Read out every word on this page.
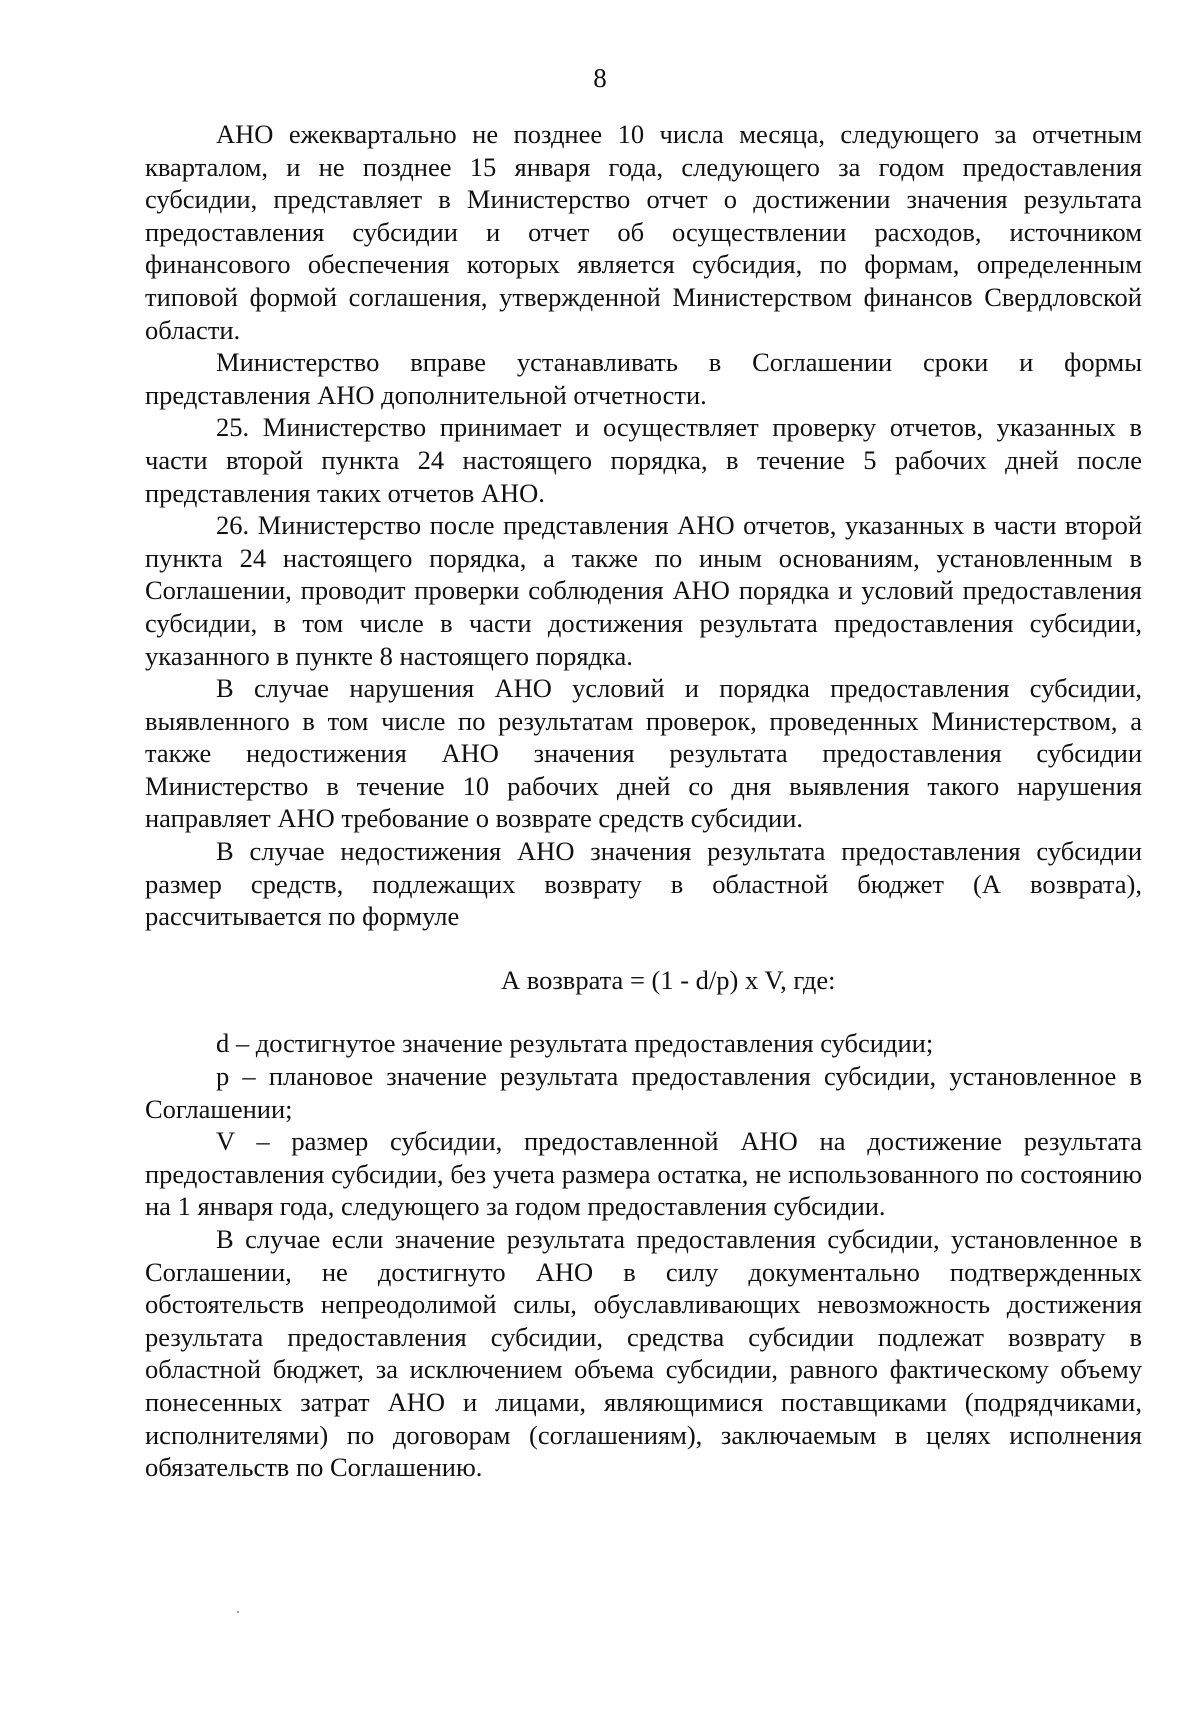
8

АНО ежеквартально не позднее 10 числа месяца, следующего за отчетным кварталом, и не позднее 15 января года, следующего за годом предоставления субсидии, представляет в Министерство отчет о достижении значения результата предоставления субсидии и отчет об осуществлении расходов, источником финансового обеспечения которых является субсидия, по формам, определенным типовой формой соглашения, утвержденной Министерством финансов Свердловской области.

Министерство вправе устанавливать в Соглашении сроки и формы представления АНО дополнительной отчетности.

25. Министерство принимает и осуществляет проверку отчетов, указанных в части второй пункта 24 настоящего порядка, в течение 5 рабочих дней после представления таких отчетов АНО.

26. Министерство после представления АНО отчетов, указанных в части второй пункта 24 настоящего порядка, а также по иным основаниям, установленным в Соглашении, проводит проверки соблюдения АНО порядка и условий предоставления субсидии, в том числе в части достижения результата предоставления субсидии, указанного в пункте 8 настоящего порядка.

В случае нарушения АНО условий и порядка предоставления субсидии, выявленного в том числе по результатам проверок, проведенных Министерством, а также недостижения АНО значения результата предоставления субсидии Министерство в течение 10 рабочих дней со дня выявления такого нарушения направляет АНО требование о возврате средств субсидии.

В случае недостижения АНО значения результата предоставления субсидии размер средств, подлежащих возврату в областной бюджет (А возврата), рассчитывается по формуле

А возврата = (1 - d/p) x V, где:

d – достигнутое значение результата предоставления субсидии;

p – плановое значение результата предоставления субсидии, установленное в Соглашении;

V – размер субсидии, предоставленной АНО на достижение результата предоставления субсидии, без учета размера остатка, не использованного по состоянию на 1 января года, следующего за годом предоставления субсидии.

В случае если значение результата предоставления субсидии, установленное в Соглашении, не достигнуто АНО в силу документально подтвержденных обстоятельств непреодолимой силы, обуславливающих невозможность достижения результата предоставления субсидии, средства субсидии подлежат возврату в областной бюджет, за исключением объема субсидии, равного фактическому объему понесенных затрат АНО и лицами, являющимися поставщиками (подрядчиками, исполнителями) по договорам (соглашениям), заключаемым в целях исполнения обязательств по Соглашению.
